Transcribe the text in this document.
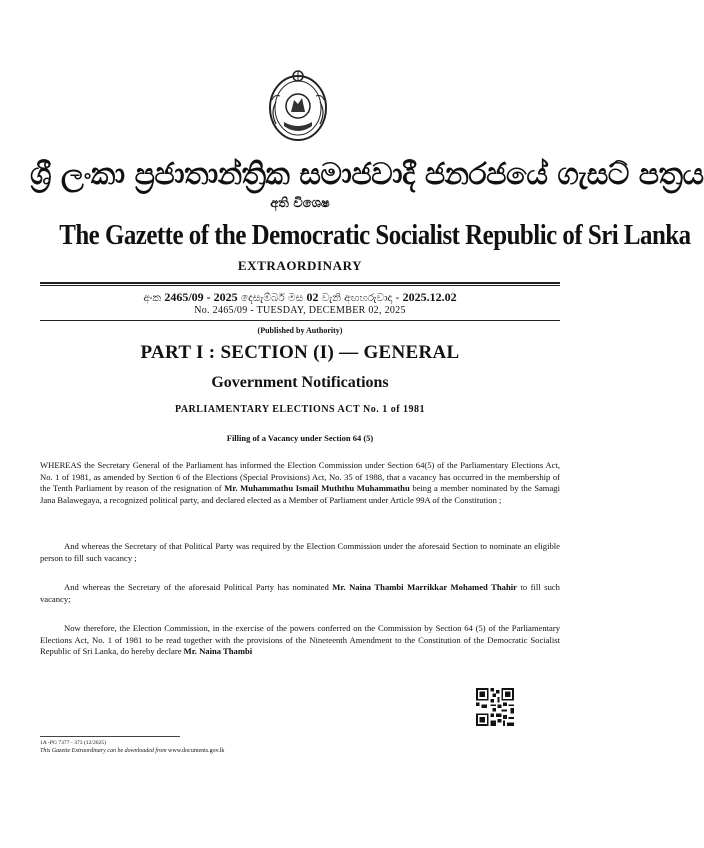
ශ්‍රී ලංකා ප්‍රජාතාන්ත්‍රික සමාජවාදී ජනරජයේ ගැසට් පත්‍රය
අති විශෙෂ
The Gazette of the Democratic Socialist Republic of Sri Lanka
EXTRAORDINARY
අංක 2465/09 - 2025 දෙසැම්බර් මස 02 වැනි අඟහරුවාදා - 2025.12.02
No. 2465/09 - TUESDAY, DECEMBER 02, 2025
(Published by Authority)
PART I : SECTION (I) — GENERAL
Government Notifications
PARLIAMENTARY ELECTIONS ACT No. 1 of 1981
Filling of a Vacancy under Section 64 (5)
WHEREAS the Secretary General of the Parliament has informed the Election Commission under Section 64(5) of the Parliamentary Elections Act, No. 1 of 1981, as amended by Section 6 of the Elections (Special Provisions) Act, No. 35 of 1988, that a vacancy has occurred in the membership of the Tenth Parliament by reason of the resignation of Mr. Muhammathu Ismail Muththu Muhammathu being a member nominated by the Samagi Jana Balawegaya, a recognized political party, and declared elected as a Member of Parliament under Article 99A of the Constitution ;
And whereas the Secretary of that Political Party was required by the Election Commission under the aforesaid Section to nominate an eligible person to fill such vacancy ;
And whereas the Secretary of the aforesaid Political Party has nominated Mr. Naina Thambi Marrikkar Mohamed Thahir to fill such vacancy;
Now therefore, the Election Commission, in the exercise of the powers conferred on the Commission by Section 64 (5) of the Parliamentary Elections Act, No. 1 of 1981 to be read together with the provisions of the Nineteenth Amendment to the Constitution of the Democratic Socialist Republic of Sri Lanka, do hereby declare Mr. Naina Thambi
1A -PG 7377 - 373 (12/2025)
This Gazette Extraordinary can be downloaded from www.documents.gov.lk
